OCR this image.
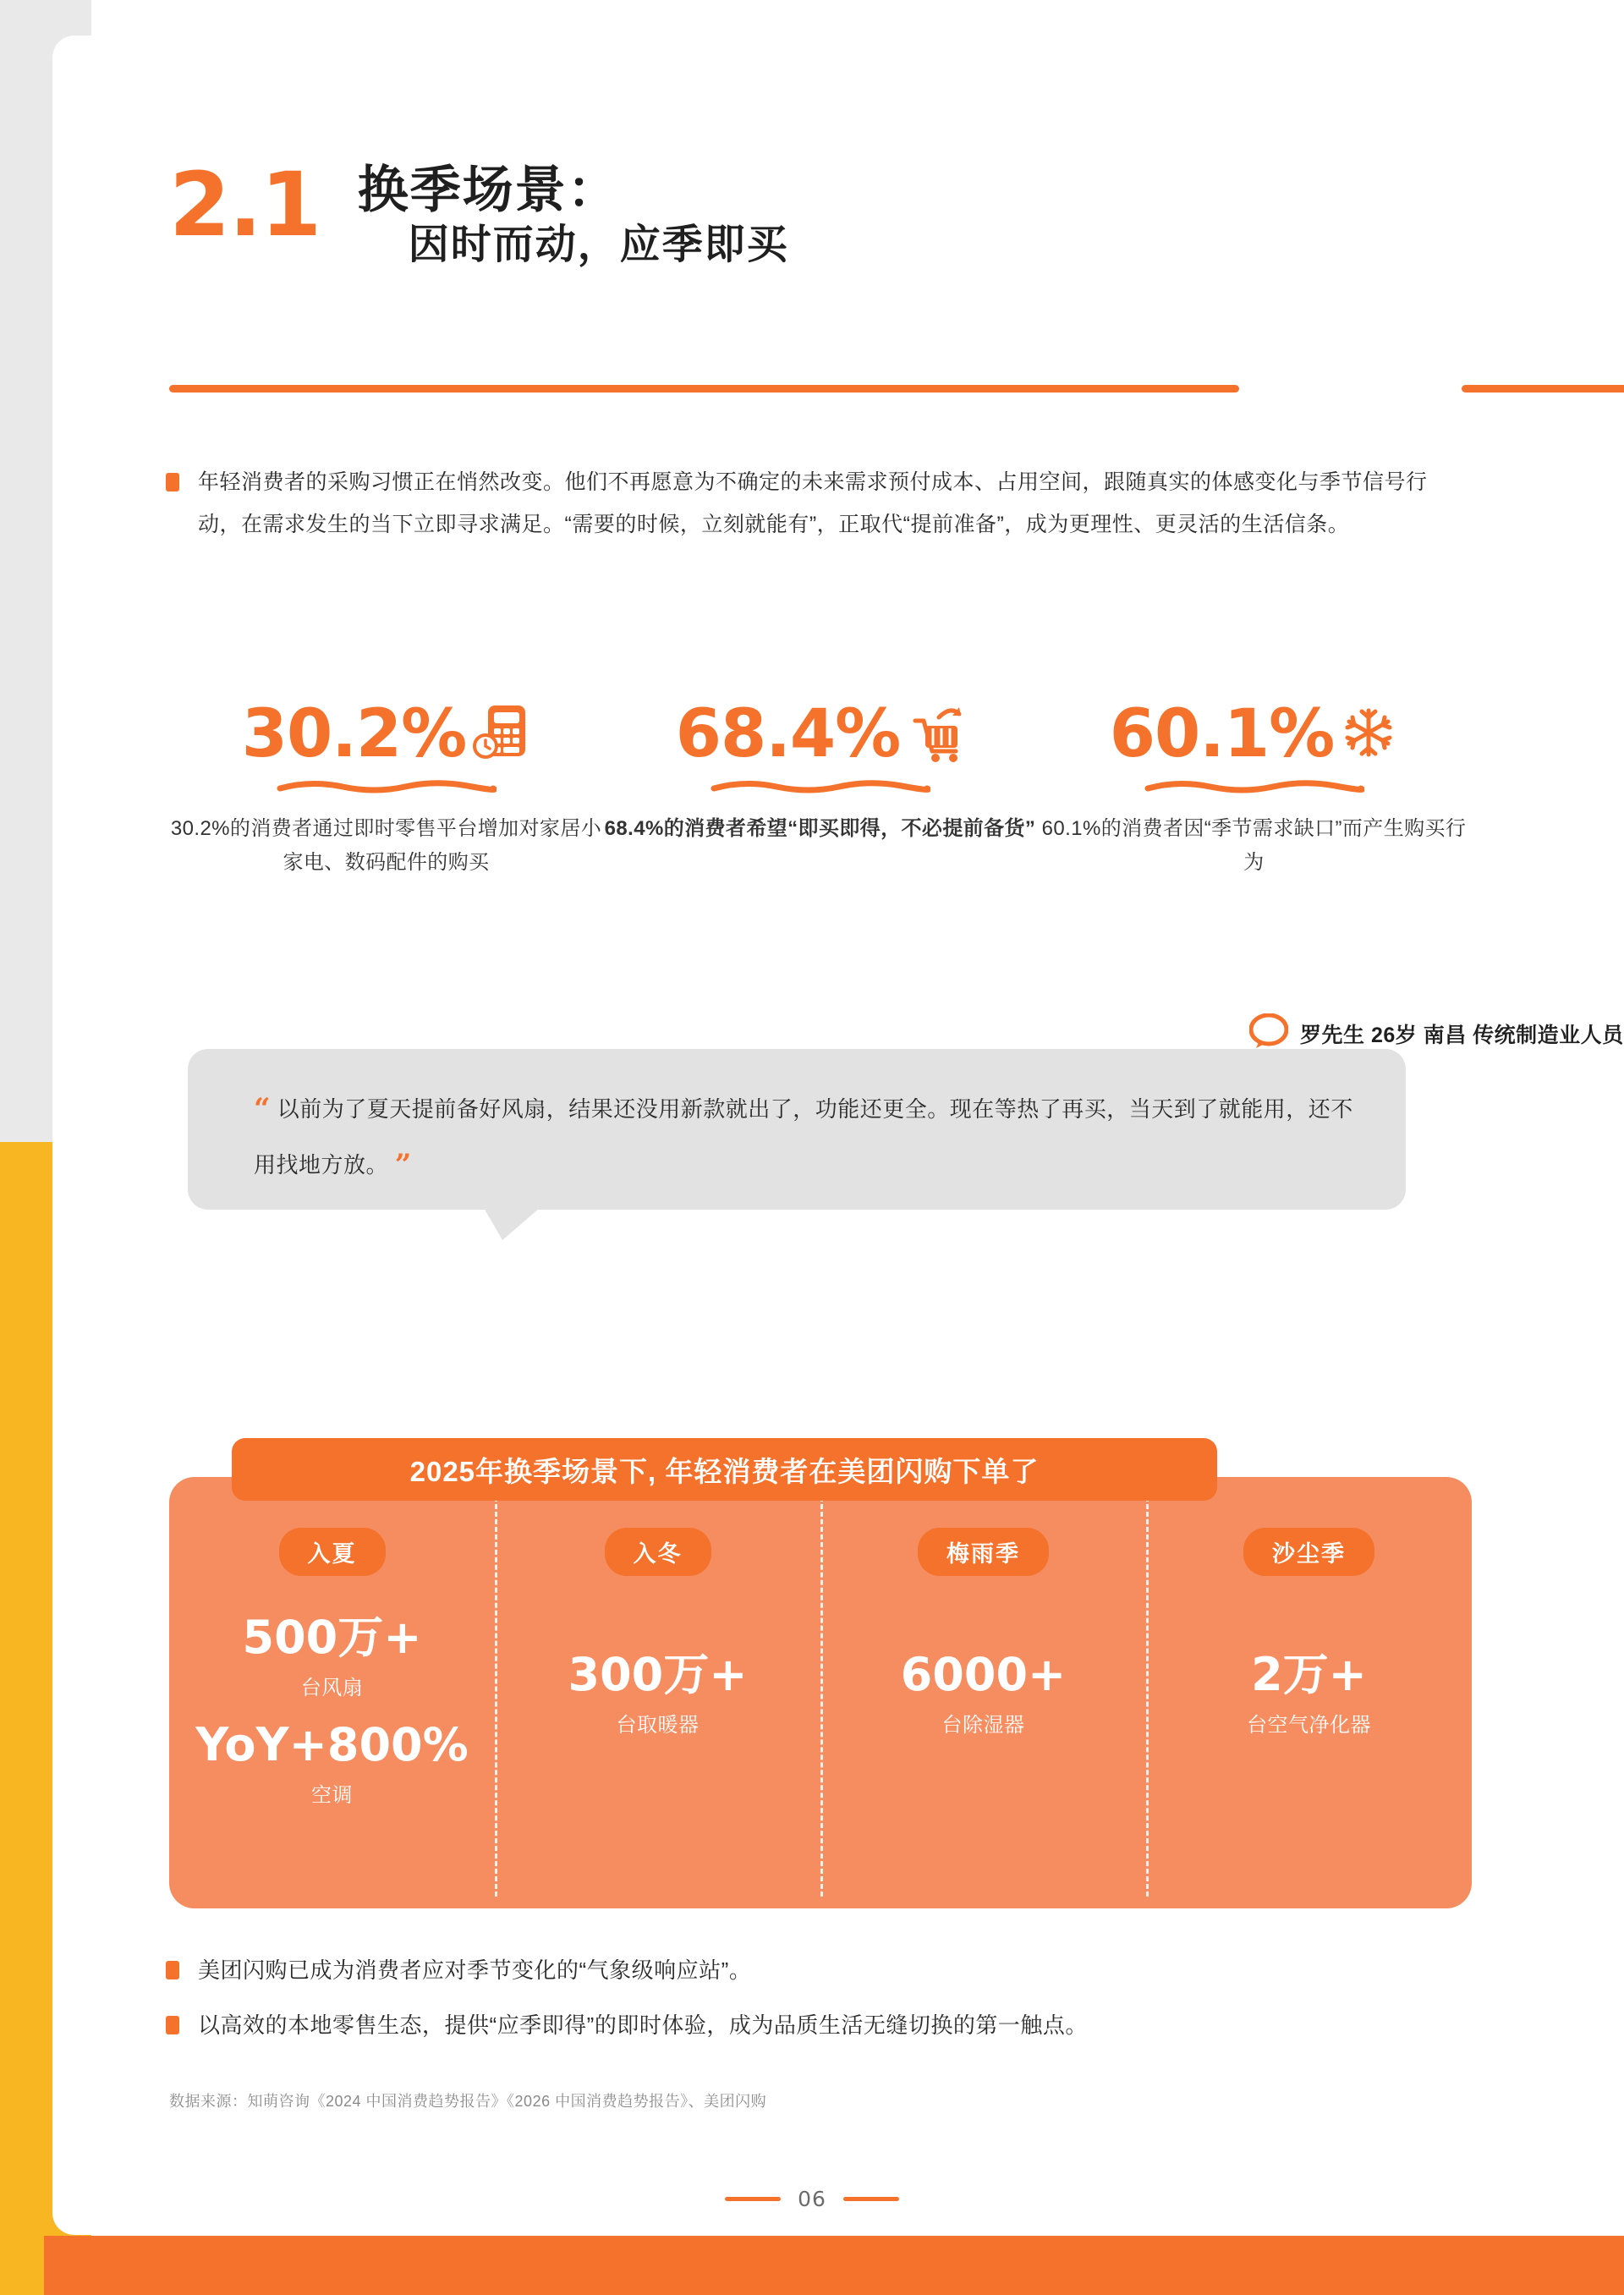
2.1 换季场景：
因时而动，应季即买
年轻消费者的采购习惯正在悄然改变。他们不再愿意为不确定的未来需求预付成本、占用空间，跟随真实的体感变化与季节信号行动，在需求发生的当下立即寻求满足。“需要的时候，立刻就能有”，正取代“提前准备”，成为更理性、更灵活的生活信条。
30.2%
30.2%的消费者通过即时零售平台增加对家居小家电、数码配件的购买
68.4%
68.4%的消费者希望“即买即得，不必提前备货”
60.1%
60.1%的消费者因“季节需求缺口”而产生购买行为
罗先生 26岁 南昌 传统制造业人员
“ 以前为了夏天提前备好风扇，结果还没用新款就出了，功能还更全。现在等热了再买，当天到了就能用，还不用找地方放。 ”
2025年换季场景下, 年轻消费者在美团闪购下单了
入夏
500万+
台风扇
YoY+800%
空调
入冬
300万+
台取暖器
梅雨季
6000+
台除湿器
沙尘季
2万+
台空气净化器
美团闪购已成为消费者应对季节变化的“气象级响应站”。
以高效的本地零售生态，提供“应季即得”的即时体验，成为品质生活无缝切换的第一触点。
数据来源：知萌咨询《2024 中国消费趋势报告》《2026 中国消费趋势报告》、美团闪购
06
